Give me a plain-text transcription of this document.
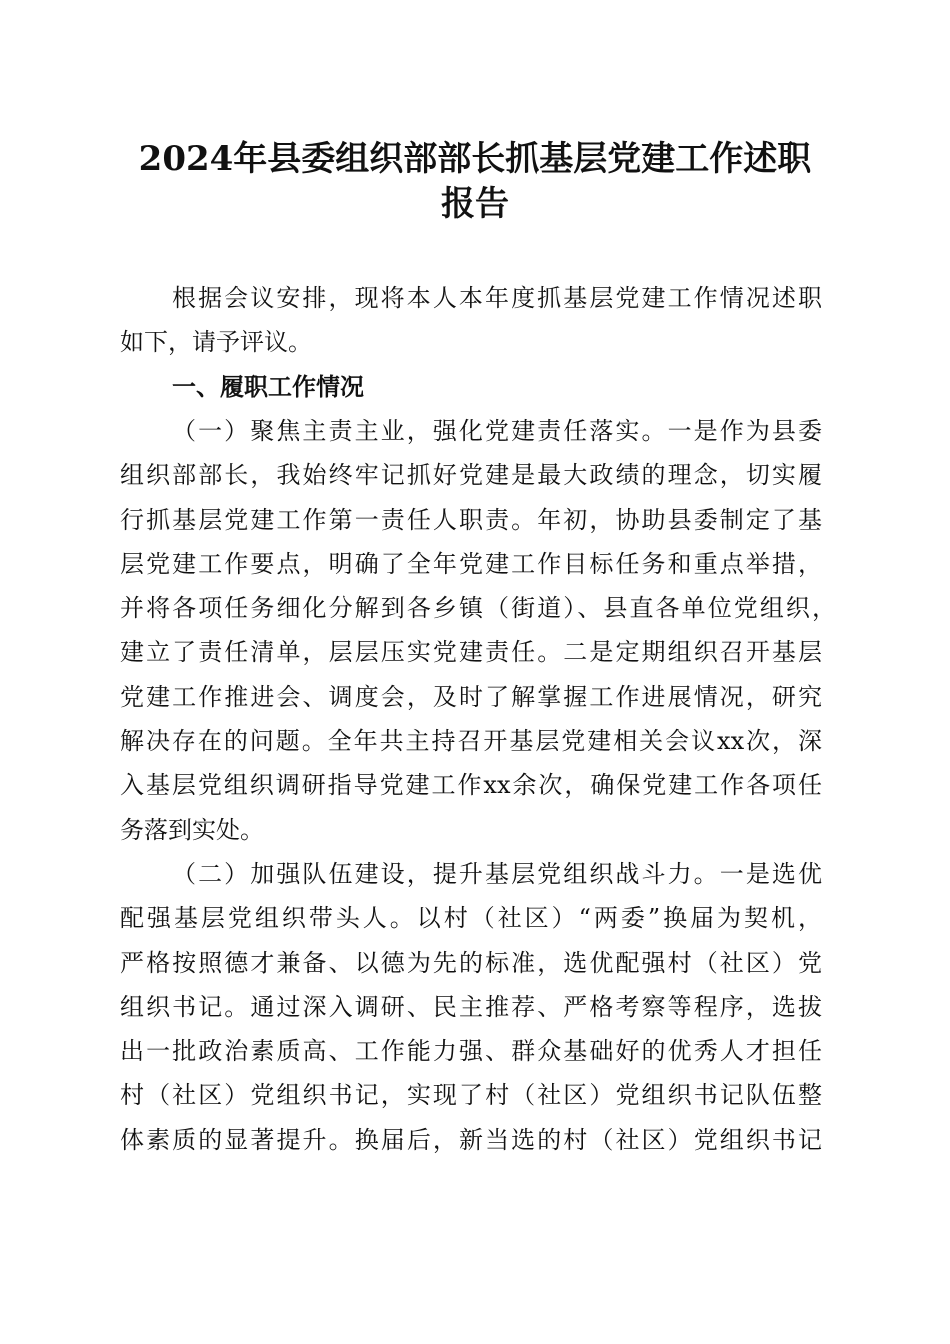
2024年县委组织部部长抓基层党建工作述职
报告
根据会议安排，现将本人本年度抓基层党建工作情况述职
如下，请予评议。
一、履职工作情况
（一）聚焦主责主业，强化党建责任落实。一是作为县委
组织部部长，我始终牢记抓好党建是最大政绩的理念，切实履
行抓基层党建工作第一责任人职责。年初，协助县委制定了基
层党建工作要点，明确了全年党建工作目标任务和重点举措，
并将各项任务细化分解到各乡镇（街道）、县直各单位党组织，
建立了责任清单，层层压实党建责任。二是定期组织召开基层
党建工作推进会、调度会，及时了解掌握工作进展情况，研究
解决存在的问题。全年共主持召开基层党建相关会议xx次，深
入基层党组织调研指导党建工作xx余次，确保党建工作各项任
务落到实处。
（二）加强队伍建设，提升基层党组织战斗力。一是选优
配强基层党组织带头人。以村（社区）“两委”换届为契机，
严格按照德才兼备、以德为先的标准，选优配强村（社区）党
组织书记。通过深入调研、民主推荐、严格考察等程序，选拔
出一批政治素质高、工作能力强、群众基础好的优秀人才担任
村（社区）党组织书记，实现了村（社区）党组织书记队伍整
体素质的显著提升。换届后，新当选的村（社区）党组织书记
